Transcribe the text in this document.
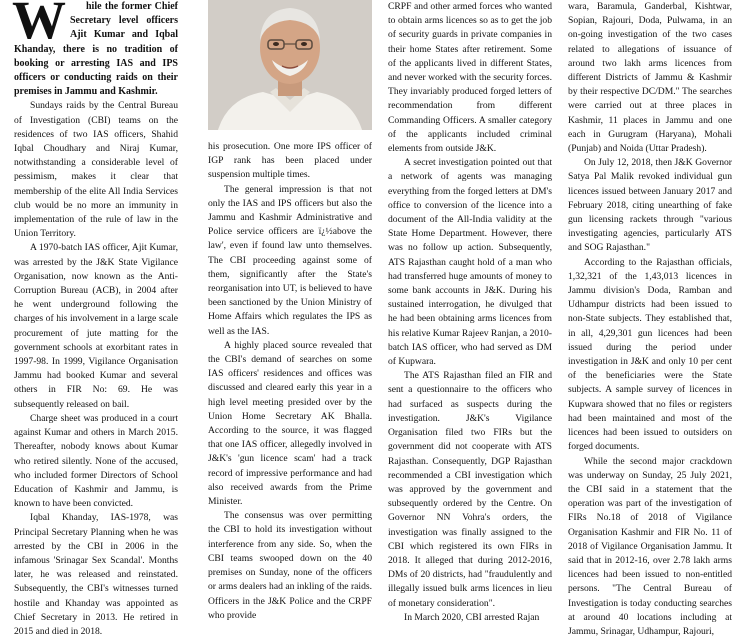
W	hile the former Chief Secretary level officers Ajit Kumar and Iqbal Khanday, there is no tradition of booking or arresting IAS and IPS officers or conducting raids on their premises in Jammu and Kashmir.

Sundays raids by the Central Bureau of Investigation (CBI) teams on the residences of two IAS officers, Shahid Iqbal Choudhary and Niraj Kumar, notwithstanding a considerable level of pessimism, makes it clear that membership of the elite All India Services club would be no more an immunity in implementation of the rule of law in the Union Territory.

A 1970-batch IAS officer, Ajit Kumar, was arrested by the J&K State Vigilance Organisation, now known as the Anti-Corruption Bureau (ACB), in 2004 after he went underground following the charges of his involvement in a large scale procurement of jute matting for the government schools at exorbitant rates in 1997-98. In 1999, Vigilance Organisation Jammu had booked Kumar and several others in FIR No: 69. He was subsequently released on bail.

Charge sheet was produced in a court against Kumar and others in March 2015. Thereafter, nobody knows about Kumar who retired silently. None of the accused, who included former Directors of School Education of Kashmir and Jammu, is known to have been convicted.

Iqbal Khanday, IAS-1978, was Principal Secretary Planning when he was arrested by the CBI in 2006 in the infamous 'Srinagar Sex Scandal'. Months later, he was released and reinstated. Subsequently, the CBI's witnesses turned hostile and Khanday was appointed as Chief Secretary in 2013. He retired in 2015 and died in 2018.

his prosecution. One more IPS officer of IGP rank has been placed under suspension multiple times.

The general impression is that not only the IAS and IPS officers but also the Jammu and Kashmir Administrative and Police service officers are ï¿½above the law', even if found law unto themselves. The CBI proceeding against some of them, significantly after the State's reorganisation into UT, is believed to have been sanctioned by the Union Ministry of Home Affairs which regulates the IPS as well as the IAS.

A highly placed source revealed that the CBI's demand of searches on some IAS officers' residences and offices was discussed and cleared early this year in a high level meeting presided over by the Union Home Secretary AK Bhalla. According to the source, it was flagged that one IAS officer, allegedly involved in J&K's 'gun licence scam' had a track record of impressive performance and had also received awards from the Prime Minister.

The consensus was over permitting the CBI to hold its investigation without interference from any side. So, when the CBI teams swooped down on the 40 premises on Sunday, none of the officers or arms dealers had an inkling of the raids. Officers in the J&K Police and the CRPF who provide

CRPF and other armed forces who wanted to obtain arms licences so as to get the job of security guards in private companies in their home States after retirement. Some of the applicants lived in different States, and never worked with the security forces. They invariably produced forged letters of recommendation from different Commanding Officers. A smaller category of the applicants included criminal elements from outside J&K.

A secret investigation pointed out that a network of agents was managing everything from the forged letters at DM's office to conversion of the licence into a document of the All-India validity at the State Home Department. However, there was no follow up action. Subsequently, ATS Rajasthan caught hold of a man who had transferred huge amounts of money to some bank accounts in J&K. During his sustained interrogation, he divulged that he had been obtaining arms licences from his relative Kumar Rajeev Ranjan, a 2010-batch IAS officer, who had served as DM of Kupwara.

The ATS Rajasthan filed an FIR and sent a questionnaire to the officers who had surfaced as suspects during the investigation. J&K's Vigilance Organisation filed two FIRs but the government did not cooperate with ATS Rajasthan. Consequently, DGP Rajasthan recommended a CBI investigation which was approved by the government and subsequently ordered by the Centre. On Governor NN Vohra's orders, the investigation was finally assigned to the CBI which registered its own FIRs in 2018. It alleged that during 2012-2016, DMs of 20 districts, had "fraudulently and illegally issued bulk arms licences in lieu of monetary consideration".

In March 2020, CBI arrested Rajan

wara, Baramula, Ganderbal, Kishtwar, Sopian, Rajouri, Doda, Pulwama, in an on-going investigation of the two cases related to allegations of issuance of around two lakh arms licences from different Districts of Jammu & Kashmir by their respective DC/DM." The searches were carried out at three places in Kashmir, 11 places in Jammu and one each in Gurugram (Haryana), Mohali (Punjab) and Noida (Uttar Pradesh).

On July 12, 2018, then J&K Governor Satya Pal Malik revoked individual gun licences issued between January 2017 and February 2018, citing unearthing of fake gun licensing rackets through "various investigating agencies, particularly ATS and SOG Rajasthan."

According to the Rajasthan officials, 1,32,321 of the 1,43,013 licences in Jammu division's Doda, Ramban and Udhampur districts had been issued to non-State subjects. They established that, in all, 4,29,301 gun licences had been issued during the period under investigation in J&K and only 10 per cent of the beneficiaries were the State subjects. A sample survey of licences in Kupwara showed that no files or registers had been maintained and most of the licences had been issued to outsiders on forged documents.

While the second major crackdown was underway on Sunday, 25 July 2021, the CBI said in a statement that the operation was part of the investigation of FIRs No.18 of 2018 of Vigilance Organisation Kashmir and FIR No. 11 of 2018 of Vigilance Organisation Jammu. It said that in 2012-16, over 2.78 lakh arms licences had been issued to non-entitled persons. "The Central Bureau of Investigation is today conducting searches at around 40 locations including at Jammu, Srinagar, Udhampur, Rajouri,
